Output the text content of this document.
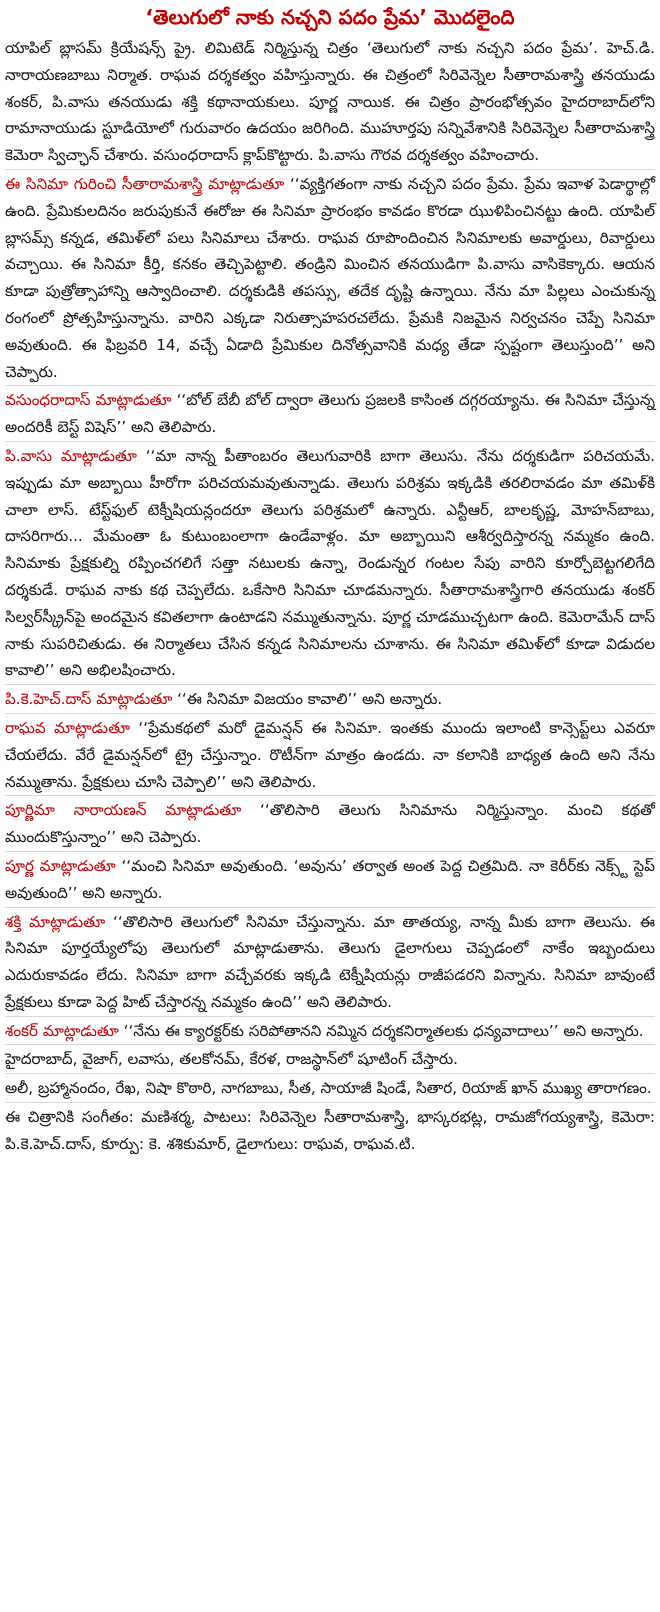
‘తెలుగులో నాకు నచ్చని పదం ప్రేమ’ మొదలైంది

యాపిల్ బ్లాసమ్ క్రియేషన్స్ ప్రై. లిమిటెడ్ నిర్మిస్తున్న చిత్రం ‘తెలుగులో నాకు నచ్చని పదం ప్రేమ’. హెచ్.డి. నారాయణబాబు నిర్మాత. రాఘవ దర్శకత్వం వహిస్తున్నారు. ఈ చిత్రంలో సిరివెన్నెల సీతారామశాస్త్రి తనయుడు శంకర్, పి.వాసు తనయుడు శక్తి కథానాయకులు. పూర్ణ నాయిక. ఈ చిత్రం ప్రారంభోత్సవం హైదరాబాద్‌లోని రామానాయుడు స్టూడియోలో గురువారం ఉదయం జరిగింది. ముహూర్తపు సన్నివేశానికి సిరివెన్నెల సీతారామశాస్త్రి కెమెరా స్విచ్ఛాన్ చేశారు. వసుంధరాదాస్ క్లాప్‌కొట్టారు. పి.వాసు గౌరవ దర్శకత్వం వహించారు.

ఈ సినిమా గురించి సీతారామశాస్త్రి మాట్లాడుతూ ‘‘వ్యక్తిగతంగా నాకు నచ్చని పదం ప్రేమ. ప్రేమ ఇవాళ పెడార్థాల్లో ఉంది. ప్రేమికులదినం జరుపుకునే ఈరోజు ఈ సినిమా ప్రారంభం కావడం కొరడా ఝుళిపించినట్టు ఉంది. యాపిల్ బ్లాసమ్స్ కన్నడ, తమిళ్‌లో పలు సినిమాలు చేశారు. రాఘవ రూపొందించిన సినిమాలకు అవార్డులు, రివార్డులు వచ్చాయి. ఈ సినిమా కీర్తి, కనకం తెచ్చిపెట్టాలి. తండ్రిని మించిన తనయుడిగా పి.వాసు వాసికెక్కారు. ఆయన కూడా పుత్రోత్సాహాన్ని ఆస్వాదించాలి. దర్శకుడికి తపస్సు, తదేక దృష్టి ఉన్నాయి. నేను మా పిల్లలు ఎంచుకున్న రంగంలో ప్రోత్సహిస్తున్నాను. వారిని ఎక్కడా నిరుత్సాహపరచలేదు. ప్రేమకి నిజమైన నిర్వచనం చెప్పే సినిమా అవుతుంది. ఈ ఫిబ్రవరి 14, వచ్చే ఏడాది ప్రేమికుల దినోత్సవానికి మధ్య తేడా స్పష్టంగా తెలుస్తుంది’’ అని చెప్పారు.

వసుంధరాదాస్ మాట్లాడుతూ ‘‘బోల్ బేబీ బోల్ ద్వారా తెలుగు ప్రజలకి కాసింత దగ్గరయ్యాను. ఈ సినిమా చేస్తున్న అందరికీ బెస్ట్ విషెస్’’ అని తెలిపారు.

పి.వాసు మాట్లాడుతూ ‘‘మా నాన్న పీతాంబరం తెలుగువారికి బాగా తెలుసు. నేను దర్శకుడిగా పరిచయమే. ఇప్పుడు మా అబ్బాయి హీరోగా పరిచయమవుతున్నాడు. తెలుగు పరిశ్రమ ఇక్కడికి తరలిరావడం మా తమిళ్‌కి చాలా లాస్. టేస్ట్‌ఫుల్ టెక్నీషియన్లందరూ తెలుగు పరిశ్రమలో ఉన్నారు. ఎన్టీఆర్, బాలకృష్ణ, మోహన్‌బాబు, దాసరిగారు... మేమంతా ఓ కుటుంబంలాగా ఉండేవాళ్లం. మా అబ్బాయిని ఆశీర్వదిస్తారన్న నమ్మకం ఉంది. సినిమాకు ప్రేక్షకుల్ని రప్పించగలిగే సత్తా నటులకు ఉన్నా, రెండున్నర గంటల సేపు వారిని కూర్చోబెట్టగలిగేది దర్శకుడే. రాఘవ నాకు కథ చెప్పలేదు. ఒకేసారి సినిమా చూడమన్నారు. సీతారామశాస్త్రిగారి తనయుడు శంకర్ సిల్వర్‌స్క్రీన్‌పై అందమైన కవితలాగా ఉంటాడని నమ్ముతున్నాను. పూర్ణ చూడముచ్చటగా ఉంది. కెమెరామేన్ దాస్ నాకు సుపరిచితుడు. ఈ నిర్మాతలు చేసిన కన్నడ సినిమాలను చూశాను. ఈ సినిమా తమిళ్‌లో కూడా విడుదల కావాలి’’ అని అభిలషించారు.

పి.కె.హెచ్.దాస్ మాట్లాడుతూ ‘‘ఈ సినిమా విజయం కావాలి’’ అని అన్నారు.

రాఘవ మాట్లాడుతూ ‘‘ప్రేమకథలో మరో డైమన్షన్ ఈ సినిమా. ఇంతకు ముందు ఇలాంటి కాన్సెప్ట్‌లు ఎవరూ చేయలేదు. వేరే డైమన్షన్‌లో ట్రై చేస్తున్నాం. రొటీన్‌గా మాత్రం ఉండదు. నా కలానికి బాధ్యత ఉంది అని నేను నమ్ముతాను. ప్రేక్షకులు చూసి చెప్పాలి’’ అని తెలిపారు.

పూర్ణిమా నారాయణన్ మాట్లాడుతూ ‘‘తొలిసారి తెలుగు సినిమాను నిర్మిస్తున్నాం. మంచి కథతో ముందుకొస్తున్నాం’’ అని చెప్పారు.

పూర్ణ మాట్లాడుతూ ‘‘మంచి సినిమా అవుతుంది. ‘అవును’ తర్వాత అంత పెద్ద చిత్రమిది. నా కెరీర్‌కు నెక్స్ట్ స్టెప్ అవుతుంది’’ అని అన్నారు.

శక్తి మాట్లాడుతూ ‘‘తొలిసారి తెలుగులో సినిమా చేస్తున్నాను. మా తాతయ్య, నాన్న మీకు బాగా తెలుసు. ఈ సినిమా పూర్తయ్యేలోపు తెలుగులో మాట్లాడుతాను. తెలుగు డైలాగులు చెప్పడంలో నాకేం ఇబ్బందులు ఎదురుకావడం లేదు. సినిమా బాగా వచ్చేవరకు ఇక్కడి టెక్నీషియన్లు రాజీపడరని విన్నాను. సినిమా బావుంటే ప్రేక్షకులు కూడా పెద్ద హిట్ చేస్తారన్న నమ్మకం ఉంది’’ అని తెలిపారు.

శంకర్ మాట్లాడుతూ ‘‘నేను ఈ క్యారక్టర్‌కు సరిపోతానని నమ్మిన దర్శకనిర్మాతలకు ధన్యవాదాలు’’ అని అన్నారు.

హైదరాబాద్, వైజాగ్, లవాసు, తలకోనమ్, కేరళ, రాజస్థాన్‌లో షూటింగ్ చేస్తారు.

అలీ, బ్రహ్మానందం, రేఖ, నిషా కొఠారి, నాగబాబు, సీత, సాయాజీ షిండే, సితార, రియాజ్ ఖాన్ ముఖ్య తారాగణం.

ఈ చిత్రానికి సంగీతం: మణిశర్మ, పాటలు: సిరివెన్నెల సీతారామశాస్త్రి, భాస్కరభట్ల, రామజోగయ్యశాస్త్రి, కెమెరా: పి.కె.హెచ్.దాస్, కూర్పు: కె. శశికుమార్, డైలాగులు: రాఘవ, రాఘవ.టి.
